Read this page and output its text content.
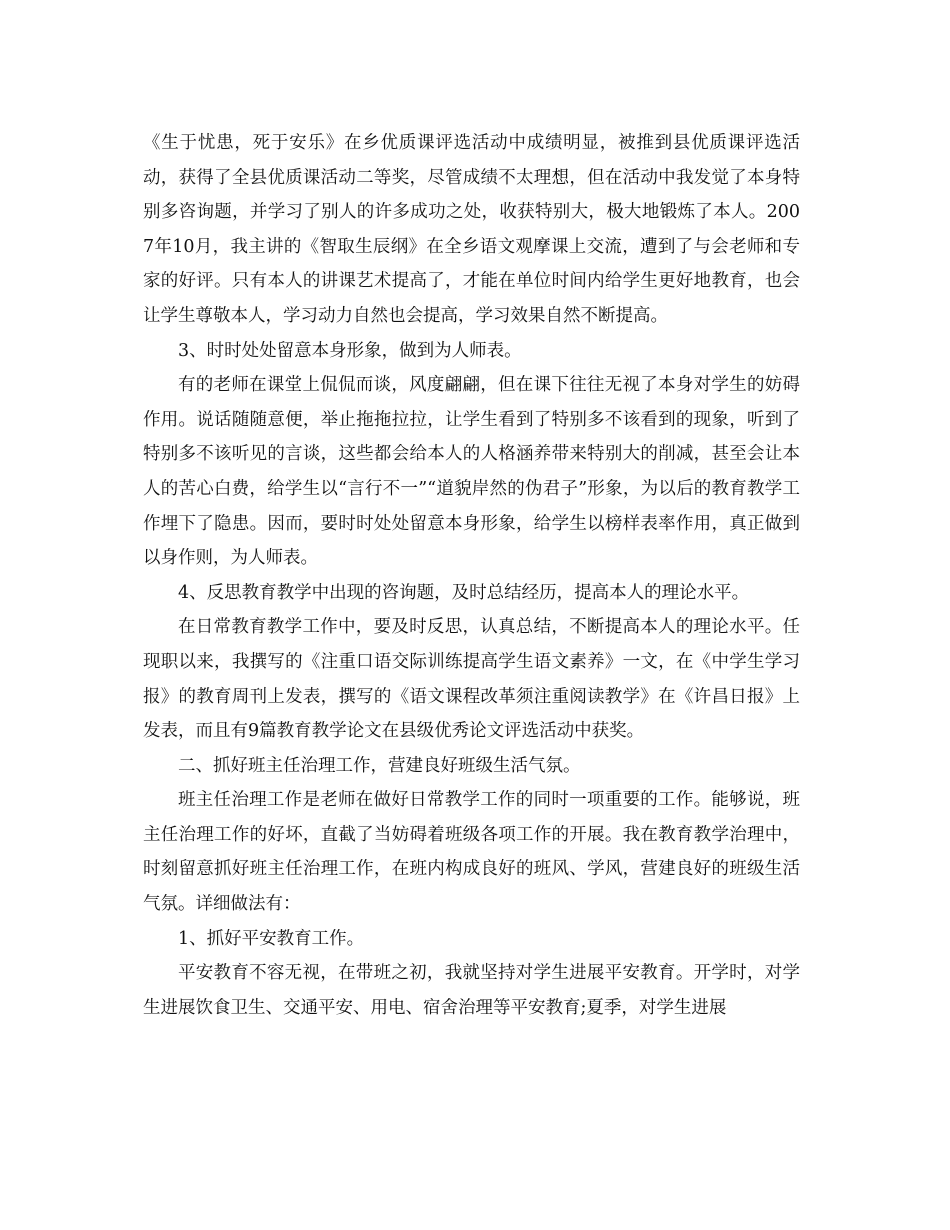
《生于忧患，死于安乐》在乡优质课评选活动中成绩明显，被推到县优质课评选活动，获得了全县优质课活动二等奖，尽管成绩不太理想，但在活动中我发觉了本身特别多咨询题，并学习了别人的许多成功之处，收获特别大，极大地锻炼了本人。2007年10月，我主讲的《智取生辰纲》在全乡语文观摩课上交流，遭到了与会老师和专家的好评。只有本人的讲课艺术提高了，才能在单位时间内给学生更好地教育，也会让学生尊敬本人，学习动力自然也会提高，学习效果自然不断提高。

3、时时处处留意本身形象，做到为人师表。

有的老师在课堂上侃侃而谈，风度翩翩，但在课下往往无视了本身对学生的妨碍作用。说话随随意便，举止拖拖拉拉，让学生看到了特别多不该看到的现象，听到了特别多不该听见的言谈，这些都会给本人的人格涵养带来特别大的削减，甚至会让本人的苦心白费，给学生以“言行不一”“道貌岸然的伪君子”形象，为以后的教育教学工作埋下了隐患。因而，要时时处处留意本身形象，给学生以榜样表率作用，真正做到以身作则，为人师表。

4、反思教育教学中出现的咨询题，及时总结经历，提高本人的理论水平。

在日常教育教学工作中，要及时反思，认真总结，不断提高本人的理论水平。任现职以来，我撰写的《注重口语交际训练提高学生语文素养》一文，在《中学生学习报》的教育周刊上发表，撰写的《语文课程改革须注重阅读教学》在《许昌日报》上发表，而且有9篇教育教学论文在县级优秀论文评选活动中获奖。

二、抓好班主任治理工作，营建良好班级生活气氛。

班主任治理工作是老师在做好日常教学工作的同时一项重要的工作。能够说，班主任治理工作的好坏，直截了当妨碍着班级各项工作的开展。我在教育教学治理中，时刻留意抓好班主任治理工作，在班内构成良好的班风、学风，营建良好的班级生活气氛。详细做法有：

1、抓好平安教育工作。

平安教育不容无视，在带班之初，我就坚持对学生进展平安教育。开学时，对学生进展饮食卫生、交通平安、用电、宿舍治理等平安教育;夏季，对学生进展
